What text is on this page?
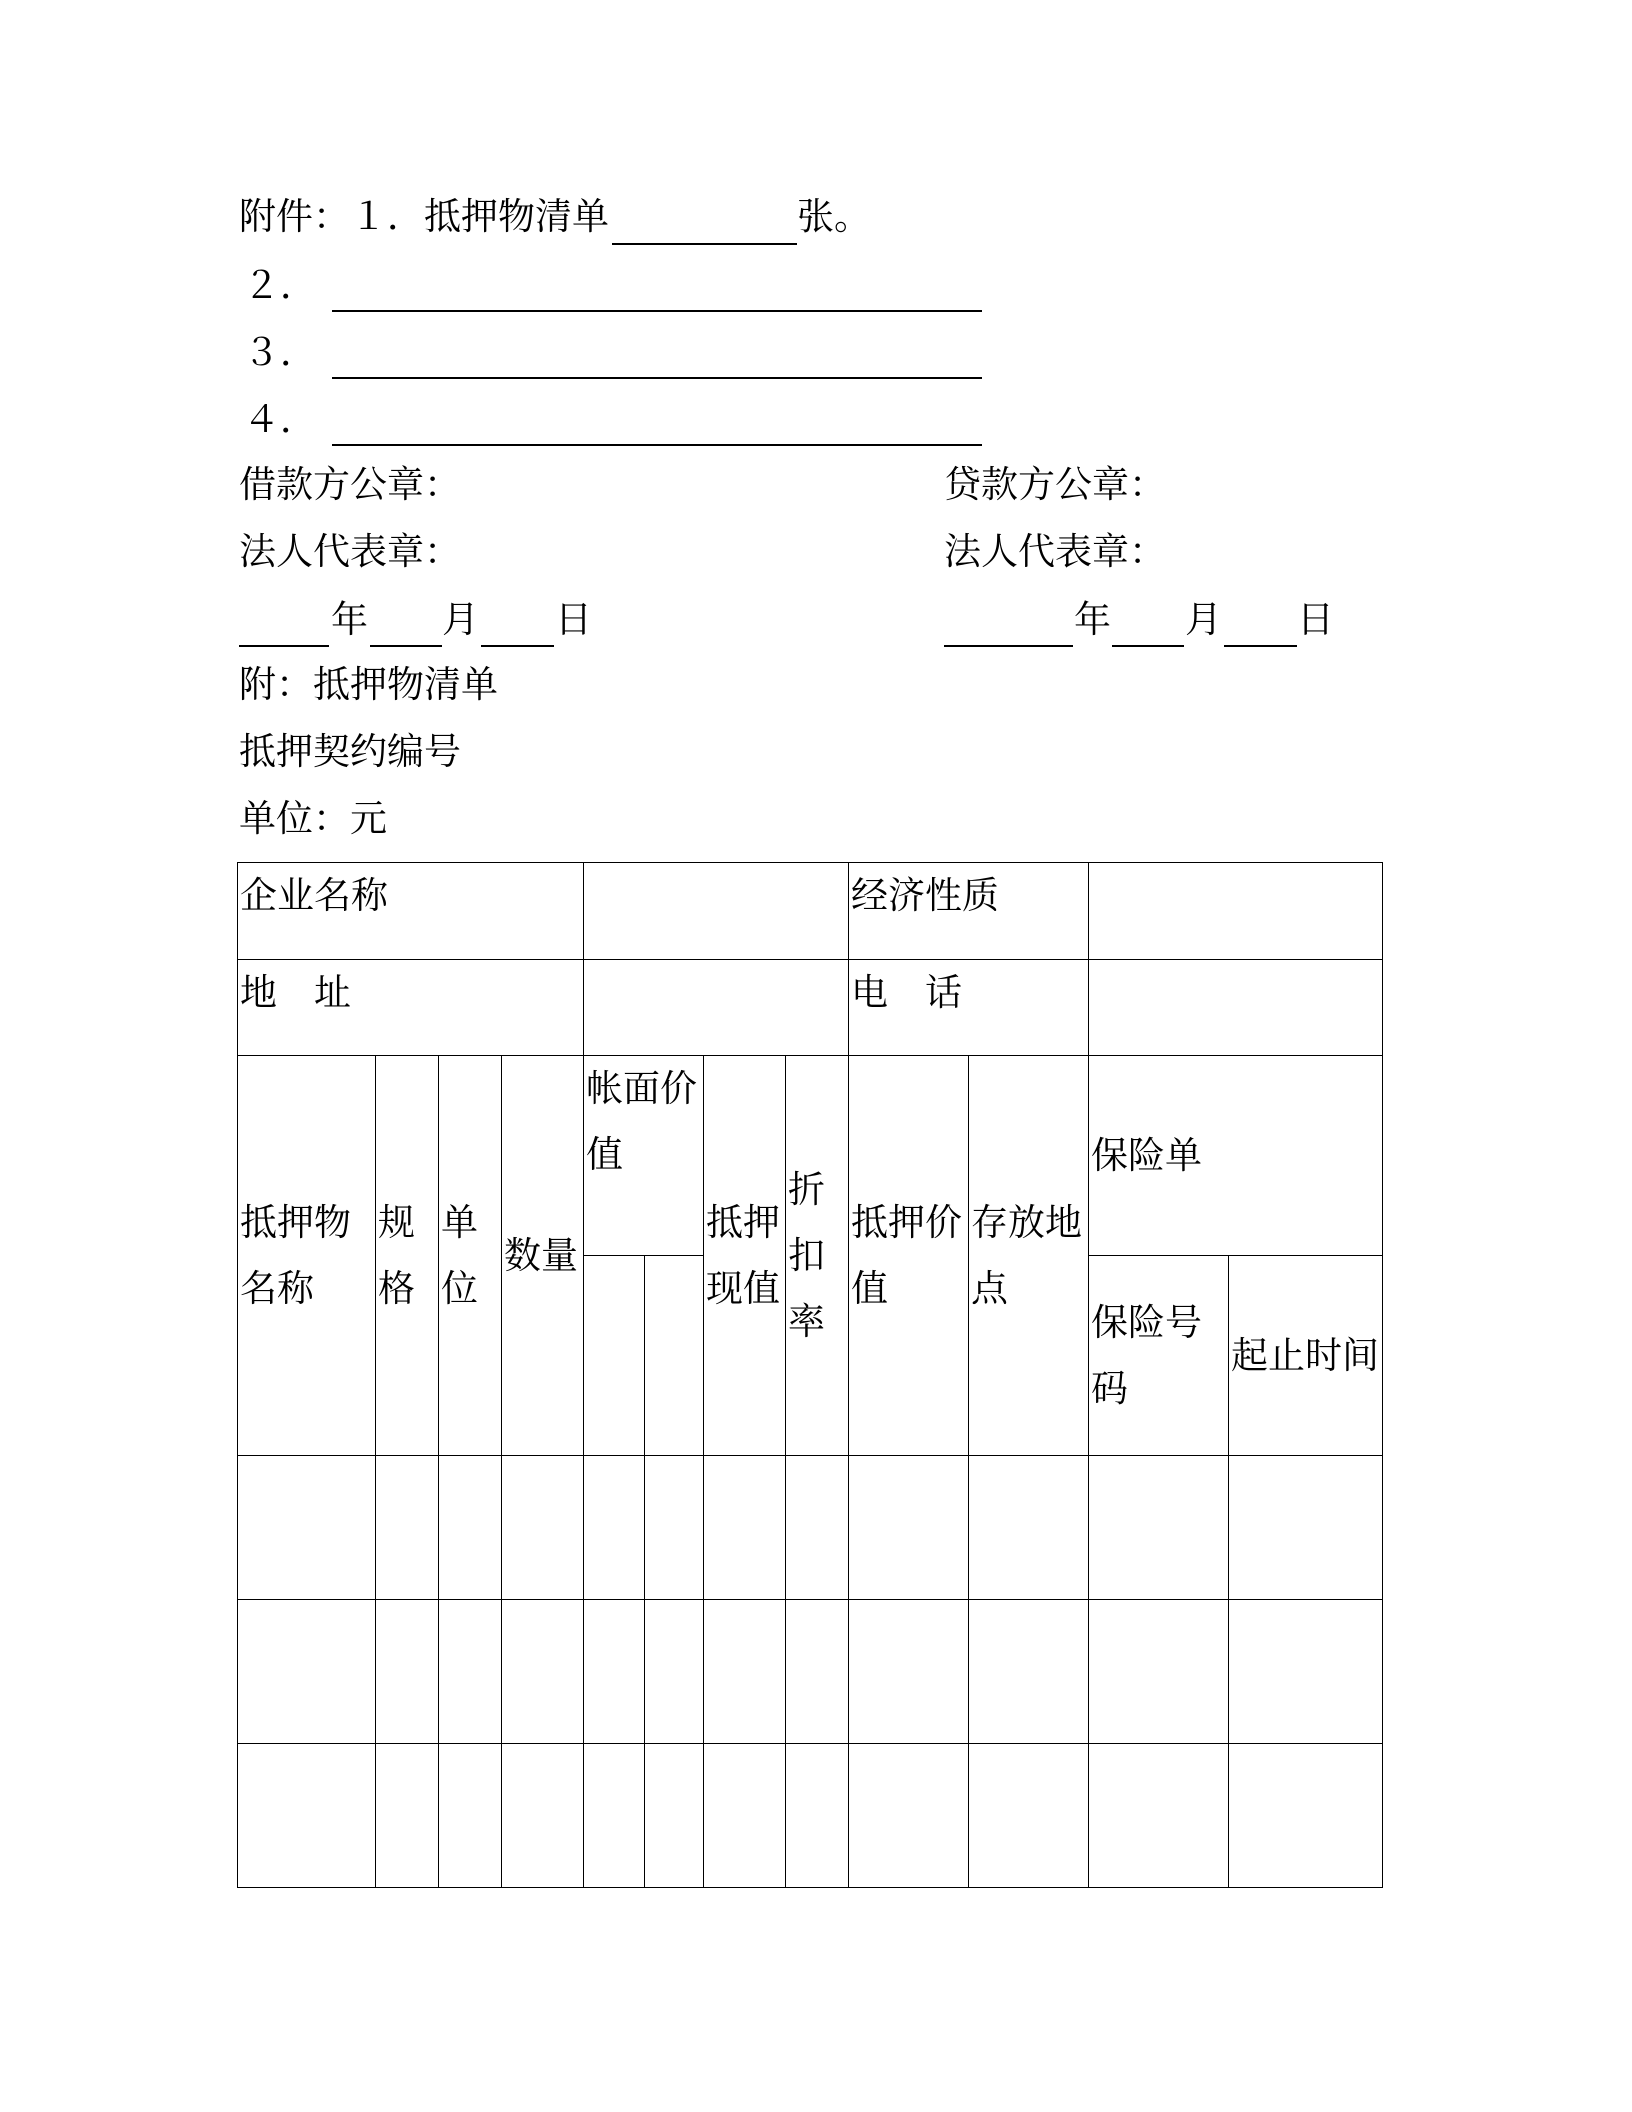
附件：１．抵押物清单	张。
２．
３．
４．
借款方公章：	贷款方公章：
法人代表章：	法人代表章：
年 月 日	年 月 日
附：抵押物清单
抵押契约编号
单位：元
企业名称								经济性质			

地　址								电　话			

抵押物名称	规格	单位	数量	帐面价值		抵押现值	折扣率	抵押价值	存放地点	保险单	

										保险号码	起止时间
